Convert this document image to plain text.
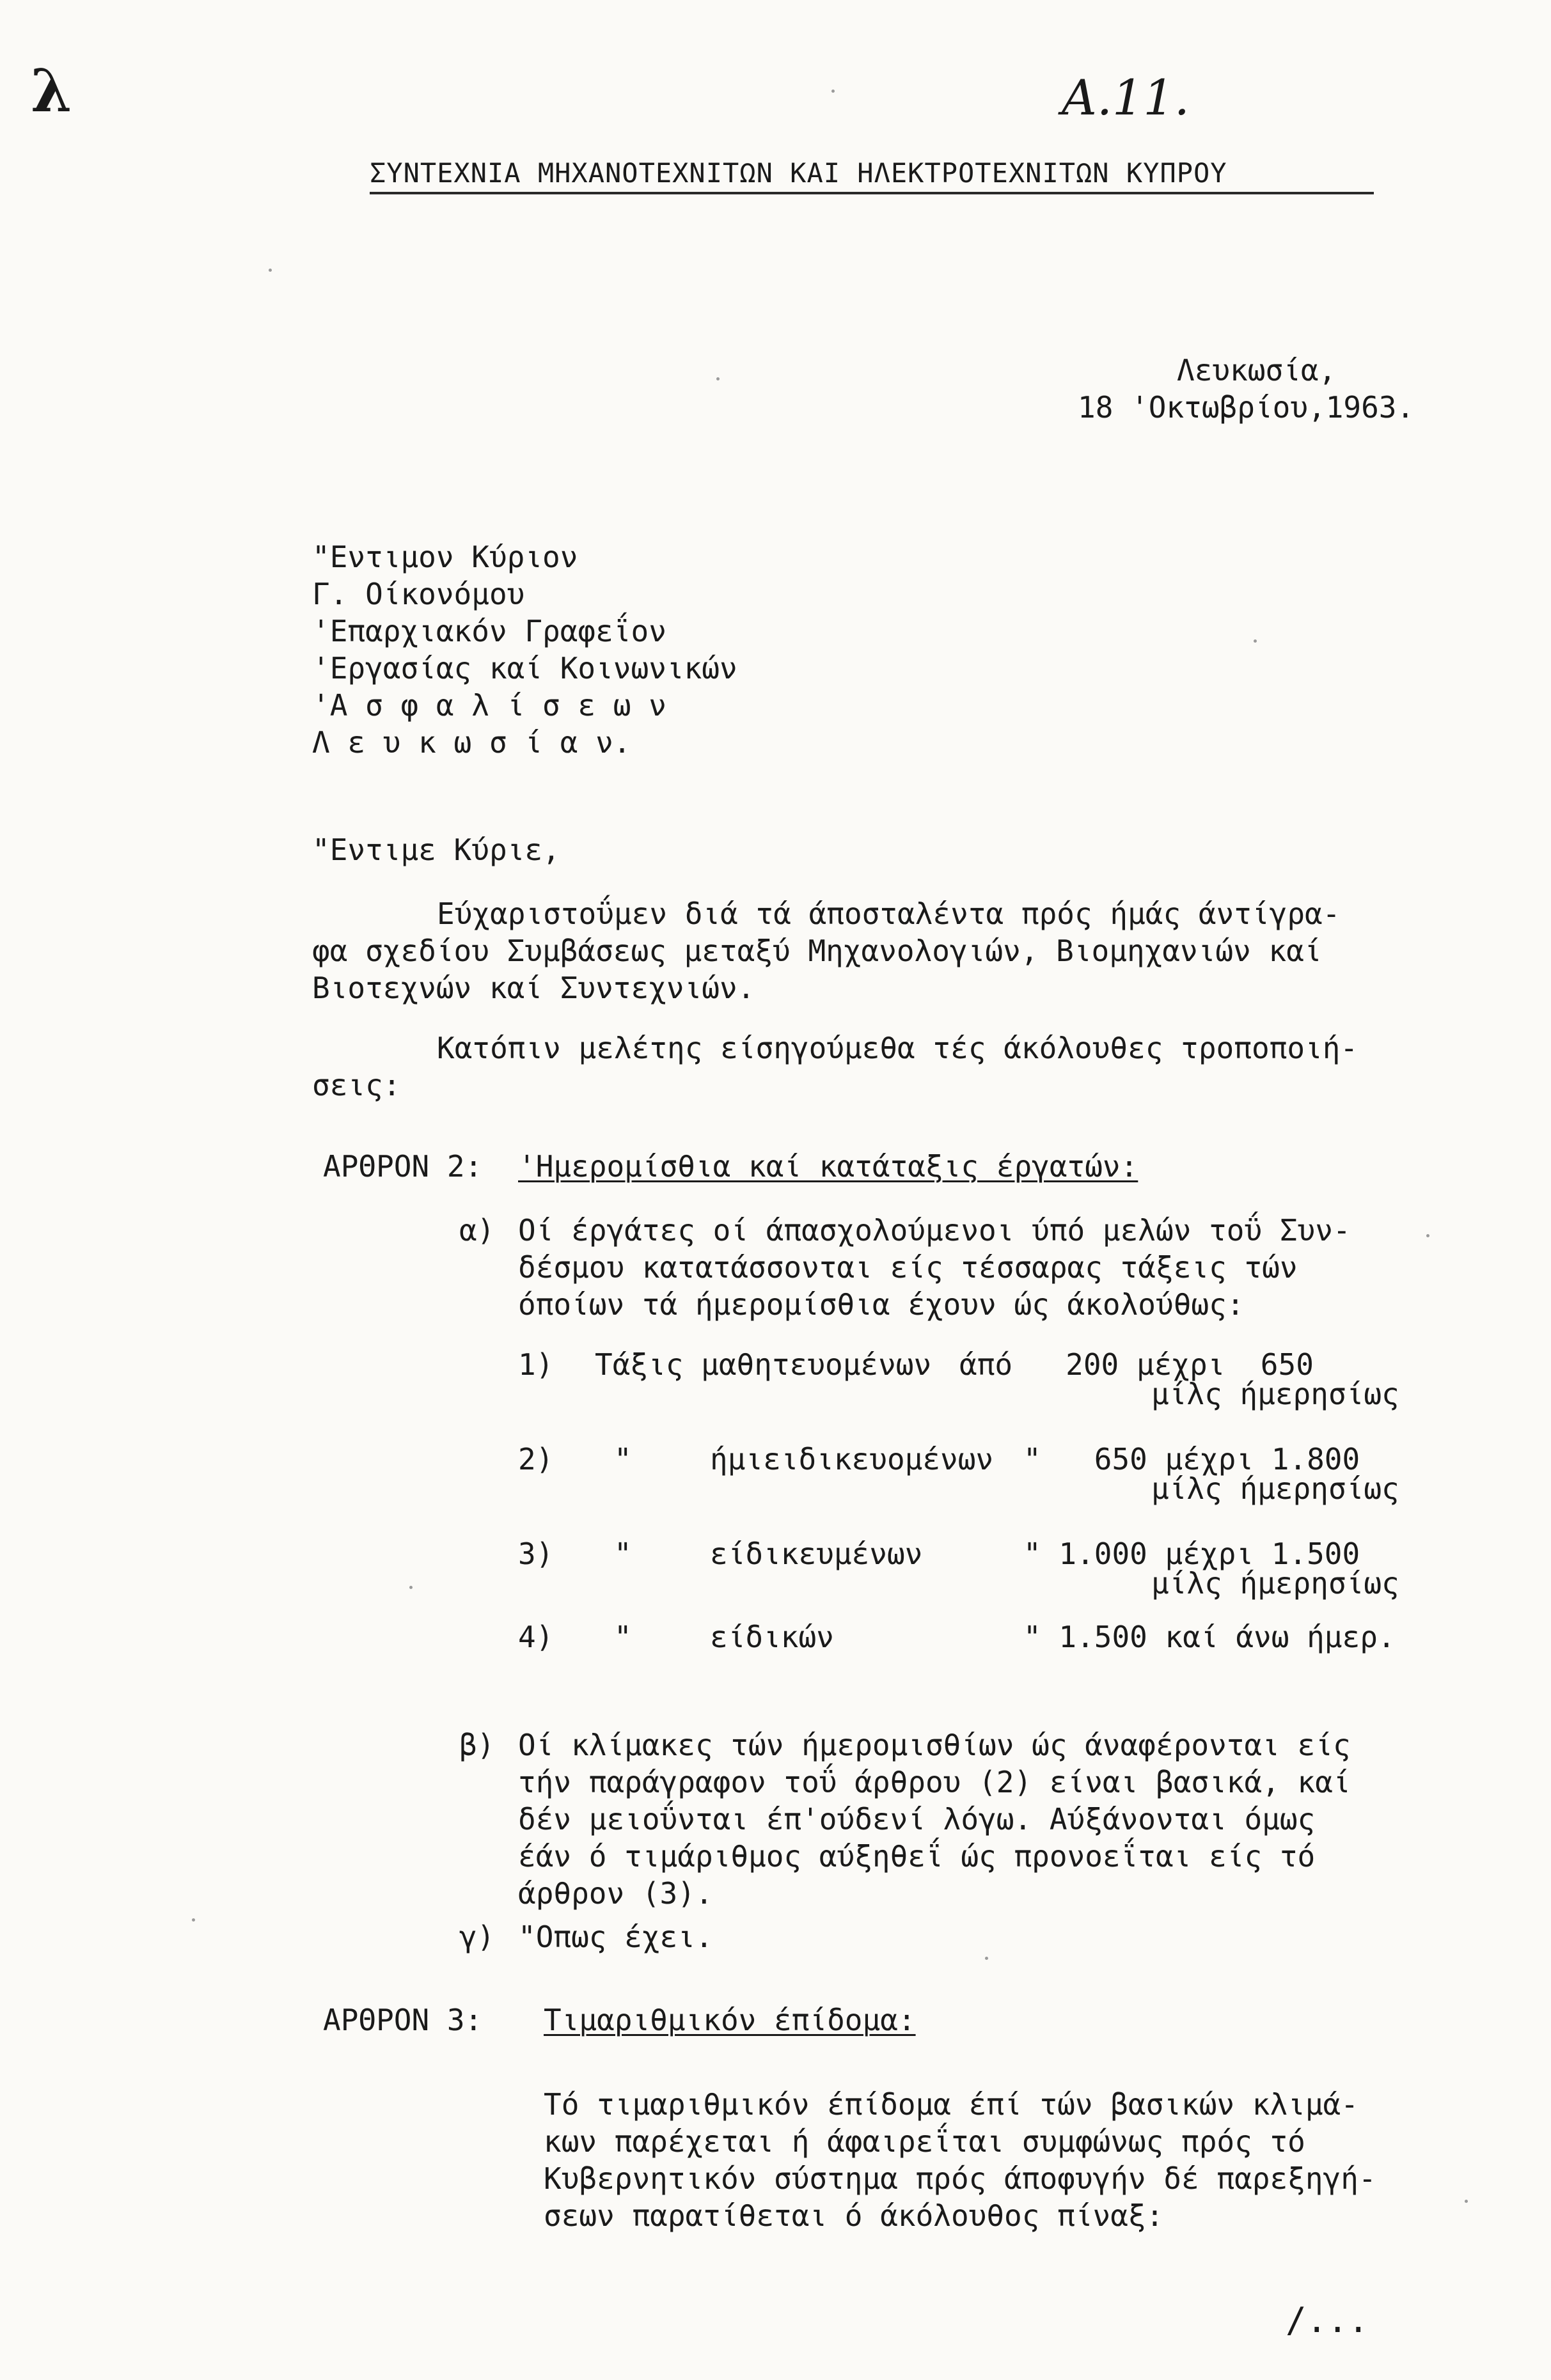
λ	A.11.
ΣΥΝΤΕΧΝΙΑ ΜΗΧΑΝΟΤΕΧΝΙΤΩΝ ΚΑΙ ΗΛΕΚΤΡΟΤΕΧΝΙΤΩΝ ΚΥΠΡΟΥ
Λευκωσία,
18 'Οκτωβρίου,1963.
"Εντιμον Κύριον
Γ. Οίκονόμου
'Επαρχιακόν Γραφεΐον
'Εργασίας καί Κοινωνικών
'Α σ φ α λ ί σ ε ω ν
Λ ε υ κ ω σ ί α ν.
"Εντιμε Κύριε,
Εύχαριστοΰμεν διά τά άποσταλέντα πρός ήμάς άντίγρα-
φα σχεδίου Συμβάσεως μεταξύ Μηχανολογιών, Βιομηχανιών καί
Βιοτεχνών καί Συντεχνιών.
Κατόπιν μελέτης είσηγούμεθα τές άκόλουθες τροποποιή-
σεις:
ΑΡΘΡΟΝ 2: 'Ημερομίσθια καί κατάταξις έργατών:
α) Οί έργάτες οί άπασχολούμενοι ύπό μελών τοΰ Συν-
δέσμου κατατάσσονται είς τέσσαρας τάξεις τών
όποίων τά ήμερομίσθια έχουν ώς άκολούθως:
1) Τάξις μαθητευομένων άπό   200 μέχρι  650
μίλς ήμερησίως
2) "	ήμιειδικευομένων "   650 μέχρι 1.800
μίλς ήμερησίως
3) "	είδικευμένων	" 1.000 μέχρι 1.500
μίλς ήμερησίως
4) "	είδικών	" 1.500 καί άνω ήμερ.
β) Οί κλίμακες τών ήμερομισθίων ώς άναφέρονται είς
τήν παράγραφον τοΰ άρθρου (2) είναι βασικά, καί
δέν μειοΰνται έπ'ούδενί λόγω. Αύξάνονται όμως
έάν ό τιμάριθμος αύξηθεΐ ώς προνοεΐται είς τό
άρθρον (3).
γ) "Οπως έχει.
ΑΡΘΡΟΝ 3: Τιμαριθμικόν έπίδομα:
Τό τιμαριθμικόν έπίδομα έπί τών βασικών κλιμά-
κων παρέχεται ή άφαιρεΐται συμφώνως πρός τό
Κυβερνητικόν σύστημα πρός άποφυγήν δέ παρεξηγή-
σεων παρατίθεται ό άκόλουθος πίναξ:
/...
